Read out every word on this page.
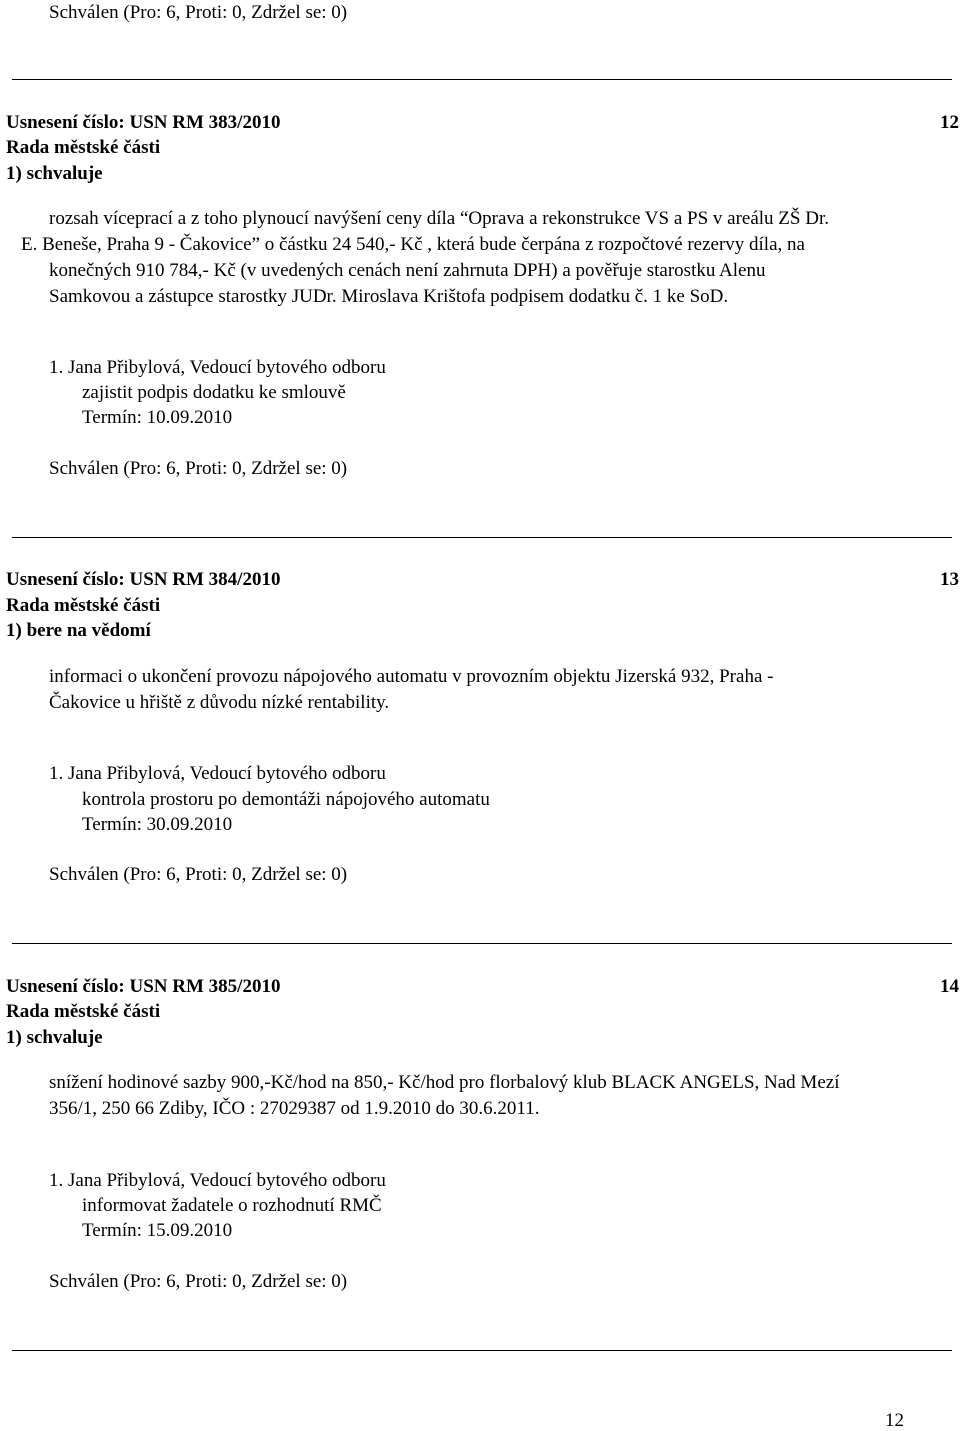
Schválen (Pro: 6, Proti: 0, Zdržel se: 0)
Usnesení číslo: USN RM 383/2010	12
Rada městské části
1) schvaluje
rozsah víceprací a z toho plynoucí navýšení ceny díla “Oprava a rekonstrukce VS a PS v areálu ZŠ Dr.
E. Beneše, Praha 9 - Čakovice” o částku 24 540,- Kč , která bude čerpána z rozpočtové rezervy díla, na
konečných 910 784,- Kč (v uvedených cenách není zahrnuta DPH) a pověřuje starostku Alenu
Samkovou a zástupce starostky JUDr. Miroslava Krištofa podpisem dodatku č. 1 ke SoD.
1. Jana Přibylová, Vedoucí bytového odboru
zajistit podpis dodatku ke smlouvě
Termín: 10.09.2010
Schválen (Pro: 6, Proti: 0, Zdržel se: 0)
Usnesení číslo: USN RM 384/2010	13
Rada městské části
1) bere na vědomí
informaci o ukončení provozu nápojového automatu v provozním objektu Jizerská 932, Praha -
Čakovice u hřiště z důvodu nízké rentability.
1. Jana Přibylová, Vedoucí bytového odboru
kontrola prostoru po demontáži nápojového automatu
Termín: 30.09.2010
Schválen (Pro: 6, Proti: 0, Zdržel se: 0)
Usnesení číslo: USN RM 385/2010	14
Rada městské části
1) schvaluje
snížení hodinové sazby 900,-Kč/hod na 850,- Kč/hod pro florbalový klub BLACK ANGELS, Nad Mezí
356/1, 250 66 Zdiby, IČO : 27029387 od 1.9.2010 do 30.6.2011.
1. Jana Přibylová, Vedoucí bytového odboru
informovat žadatele o rozhodnutí RMČ
Termín: 15.09.2010
Schválen (Pro: 6, Proti: 0, Zdržel se: 0)
12
